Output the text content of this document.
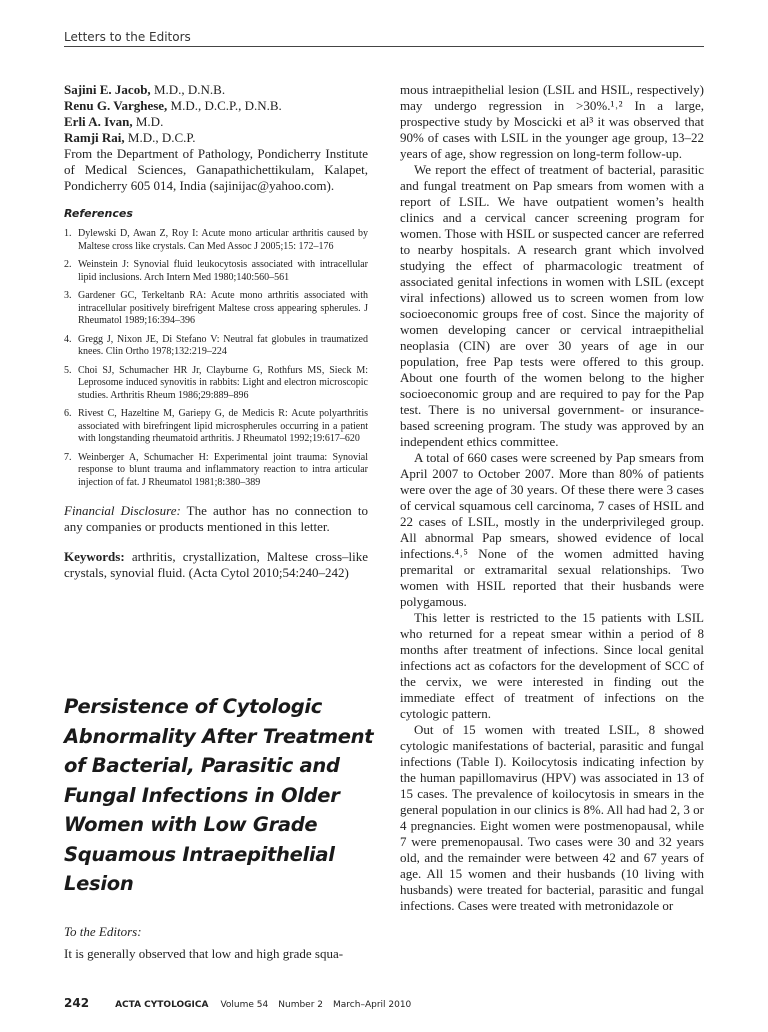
Letters to the Editors
Sajini E. Jacob, M.D., D.N.B.
Renu G. Varghese, M.D., D.C.P., D.N.B.
Erli A. Ivan, M.D.
Ramji Rai, M.D., D.C.P.

From the Department of Pathology, Pondicherry Institute of Medical Sciences, Ganapathichettikulam, Kalapet, Pondicherry 605 014, India (sajinijac@yahoo.com).

References
1. Dylewski D, Awan Z, Roy I: Acute mono articular arthritis caused by Maltese cross like crystals. Can Med Assoc J 2005;15: 172–176
2. Weinstein J: Synovial fluid leukocytosis associated with intracellular lipid inclusions. Arch Intern Med 1980;140:560–561
3. Gardener GC, Terkeltanb RA: Acute mono arthritis associated with intracellular positively birefrigent Maltese cross appearing spherules. J Rheumatol 1989;16:394–396
4. Gregg J, Nixon JE, Di Stefano V: Neutral fat globules in traumatized knees. Clin Ortho 1978;132:219–224
5. Choi SJ, Schumacher HR Jr, Clayburne G, Rothfurs MS, Sieck M: Leprosome induced synovitis in rabbits: Light and electron microscopic studies. Arthritis Rheum 1986;29:889–896
6. Rivest C, Hazeltine M, Gariepy G, de Medicis R: Acute polyarthritis associated with birefringent lipid microspherules occurring in a patient with longstanding rheumatoid arthritis. J Rheumatol 1992;19:617–620
7. Weinberger A, Schumacher H: Experimental joint trauma: Synovial response to blunt trauma and inflammatory reaction to intra articular injection of fat. J Rheumatol 1981;8:380–389

Financial Disclosure: The author has no connection to any companies or products mentioned in this letter.

Keywords: arthritis, crystallization, Maltese cross–like crystals, synovial fluid. (Acta Cytol 2010;54:240–242)

Persistence of Cytologic Abnormality After Treatment of Bacterial, Parasitic and Fungal Infections in Older Women with Low Grade Squamous Intraepithelial Lesion
To the Editors:

It is generally observed that low and high grade squa-

mous intraepithelial lesion (LSIL and HSIL, respectively) may undergo regression in >30%.¹˒² In a large, prospective study by Moscicki et al³ it was observed that 90% of cases with LSIL in the younger age group, 13–22 years of age, show regression on long-term follow-up.

We report the effect of treatment of bacterial, parasitic and fungal treatment on Pap smears from women with a report of LSIL. We have outpatient women’s health clinics and a cervical cancer screening program for women. Those with HSIL or suspected cancer are referred to nearby hospitals. A research grant which involved studying the effect of pharmacologic treatment of associated genital infections in women with LSIL (except viral infections) allowed us to screen women from low socioeconomic groups free of cost. Since the majority of women developing cancer or cervical intraepithelial neoplasia (CIN) are over 30 years of age in our population, free Pap tests were offered to this group. About one fourth of the women belong to the higher socioeconomic group and are required to pay for the Pap test. There is no universal government- or insurance-based screening program. The study was approved by an independent ethics committee.

A total of 660 cases were screened by Pap smears from April 2007 to October 2007. More than 80% of patients were over the age of 30 years. Of these there were 3 cases of cervical squamous cell carcinoma, 7 cases of HSIL and 22 cases of LSIL, mostly in the underprivileged group. All abnormal Pap smears, showed evidence of local infections.⁴˒⁵ None of the women admitted having premarital or extramarital sexual relationships. Two women with HSIL reported that their husbands were polygamous.

This letter is restricted to the 15 patients with LSIL who returned for a repeat smear within a period of 8 months after treatment of infections. Since local genital infections act as cofactors for the development of SCC of the cervix, we were interested in finding out the immediate effect of treatment of infections on the cytologic pattern.

Out of 15 women with treated LSIL, 8 showed cytologic manifestations of bacterial, parasitic and fungal infections (Table I). Koilocytosis indicating infection by the human papillomavirus (HPV) was associated in 13 of 15 cases. The prevalence of koilocytosis in smears in the general population in our clinics is 8%. All had had 2, 3 or 4 pregnancies. Eight women were postmenopausal, while 7 were premenopausal. Two cases were 30 and 32 years old, and the remainder were between 42 and 67 years of age. All 15 women and their husbands (10 living with husbands) were treated for bacterial, parasitic and fungal infections. Cases were treated with metronidazole or

242	ACTA CYTOLOGICA Volume 54 Number 2 March–April 2010
